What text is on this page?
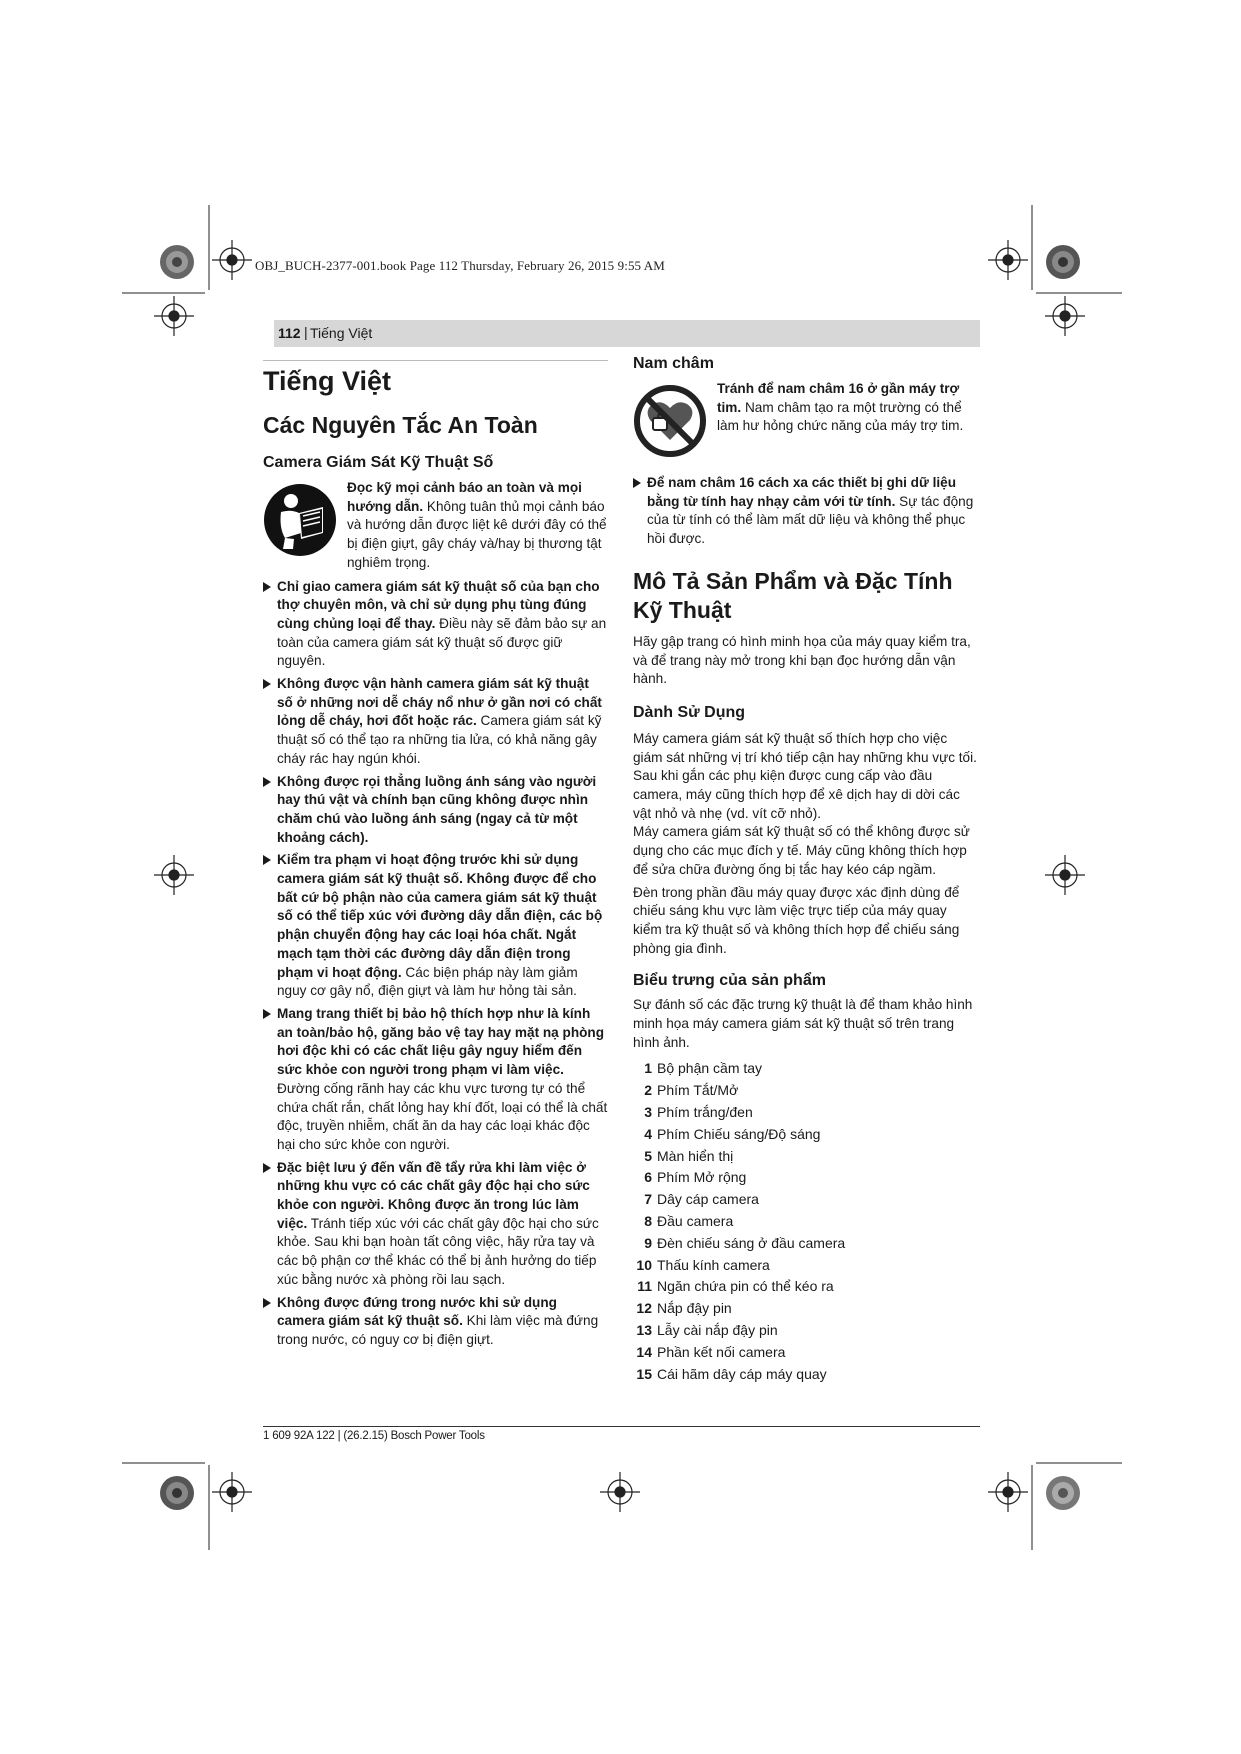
OBJ_BUCH-2377-001.book Page 112 Thursday, February 26, 2015 9:55 AM
112 | Tiếng Việt
Tiếng Việt
Các Nguyên Tắc An Toàn
Camera Giám Sát Kỹ Thuật Số
Đọc kỹ mọi cảnh báo an toàn và mọi hướng dẫn. Không tuân thủ mọi cảnh báo và hướng dẫn được liệt kê dưới đây có thể bị điện giựt, gây cháy và/hay bị thương tật nghiêm trọng.
Chỉ giao camera giám sát kỹ thuật số của bạn cho thợ chuyên môn, và chỉ sử dụng phụ tùng đúng cùng chủng loại để thay. Điều này sẽ đảm bảo sự an toàn của camera giám sát kỹ thuật số được giữ nguyên.
Không được vận hành camera giám sát kỹ thuật số ở những nơi dễ cháy nổ như ở gần nơi có chất lỏng dễ cháy, hơi đốt hoặc rác. Camera giám sát kỹ thuật số có thể tạo ra những tia lửa, có khả năng gây cháy rác hay ngún khói.
Không được rọi thẳng luồng ánh sáng vào người hay thú vật và chính bạn cũng không được nhìn chăm chú vào luồng ánh sáng (ngay cả từ một khoảng cách).
Kiểm tra phạm vi hoạt động trước khi sử dụng camera giám sát kỹ thuật số. Không được để cho bất cứ bộ phận nào của camera giám sát kỹ thuật số có thể tiếp xúc với đường dây dẫn điện, các bộ phận chuyển động hay các loại hóa chất. Ngắt mạch tạm thời các đường dây dẫn điện trong phạm vi hoạt động. Các biện pháp này làm giảm nguy cơ gây nổ, điện giựt và làm hư hỏng tài sản.
Mang trang thiết bị bảo hộ thích hợp như là kính an toàn/bảo hộ, găng bảo vệ tay hay mặt nạ phòng hơi độc khi có các chất liệu gây nguy hiểm đến sức khỏe con người trong phạm vi làm việc. Đường cống rãnh hay các khu vực tương tự có thể chứa chất rắn, chất lỏng hay khí đốt, loại có thể là chất độc, truyền nhiễm, chất ăn da hay các loại khác độc hại cho sức khỏe con người.
Đặc biệt lưu ý đến vấn đề tẩy rửa khi làm việc ở những khu vực có các chất gây độc hại cho sức khỏe con người. Không được ăn trong lúc làm việc. Tránh tiếp xúc với các chất gây độc hại cho sức khỏe. Sau khi bạn hoàn tất công việc, hãy rửa tay và các bộ phận cơ thể khác có thể bị ảnh hưởng do tiếp xúc bằng nước xà phòng rồi lau sạch.
Không được đứng trong nước khi sử dụng camera giám sát kỹ thuật số. Khi làm việc mà đứng trong nước, có nguy cơ bị điện giựt.
Nam châm
Tránh để nam châm 16 ở gần máy trợ tim. Nam châm tạo ra một trường có thể làm hư hỏng chức năng của máy trợ tim.
Để nam châm 16 cách xa các thiết bị ghi dữ liệu bằng từ tính hay nhạy cảm với từ tính. Sự tác động của từ tính có thể làm mất dữ liệu và không thể phục hồi được.
Mô Tả Sản Phẩm và Đặc Tính Kỹ Thuật

Hãy gập trang có hình minh họa của máy quay kiểm tra, và để trang này mở trong khi bạn đọc hướng dẫn vận hành.

Dành Sử Dụng

Máy camera giám sát kỹ thuật số thích hợp cho việc giám sát những vị trí khó tiếp cận hay những khu vực tối. Sau khi gắn các phụ kiện được cung cấp vào đầu camera, máy cũng thích hợp để xê dịch hay di dời các vật nhỏ và nhẹ (vd. vít cỡ nhỏ).

Máy camera giám sát kỹ thuật số có thể không được sử dụng cho các mục đích y tế. Máy cũng không thích hợp để sửa chữa đường ống bị tắc hay kéo cáp ngầm.

Đèn trong phần đầu máy quay được xác định dùng để chiếu sáng khu vực làm việc trực tiếp của máy quay kiểm tra kỹ thuật số và không thích hợp để chiếu sáng phòng gia đình.

Biểu trưng của sản phẩm

Sự đánh số các đặc trưng kỹ thuật là để tham khảo hình minh họa máy camera giám sát kỹ thuật số trên trang hình ảnh.

1 Bộ phận cầm tay
2 Phím Tắt/Mở
3 Phím trắng/đen
4 Phím Chiếu sáng/Độ sáng
5 Màn hiển thị
6 Phím Mở rộng
7 Dây cáp camera
8 Đầu camera
9 Đèn chiếu sáng ở đầu camera
10 Thấu kính camera
11 Ngăn chứa pin có thể kéo ra
12 Nắp đậy pin
13 Lẫy cài nắp đậy pin
14 Phần kết nối camera
15 Cái hãm dây cáp máy quay
1 609 92A 122 | (26.2.15) Bosch Power Tools
